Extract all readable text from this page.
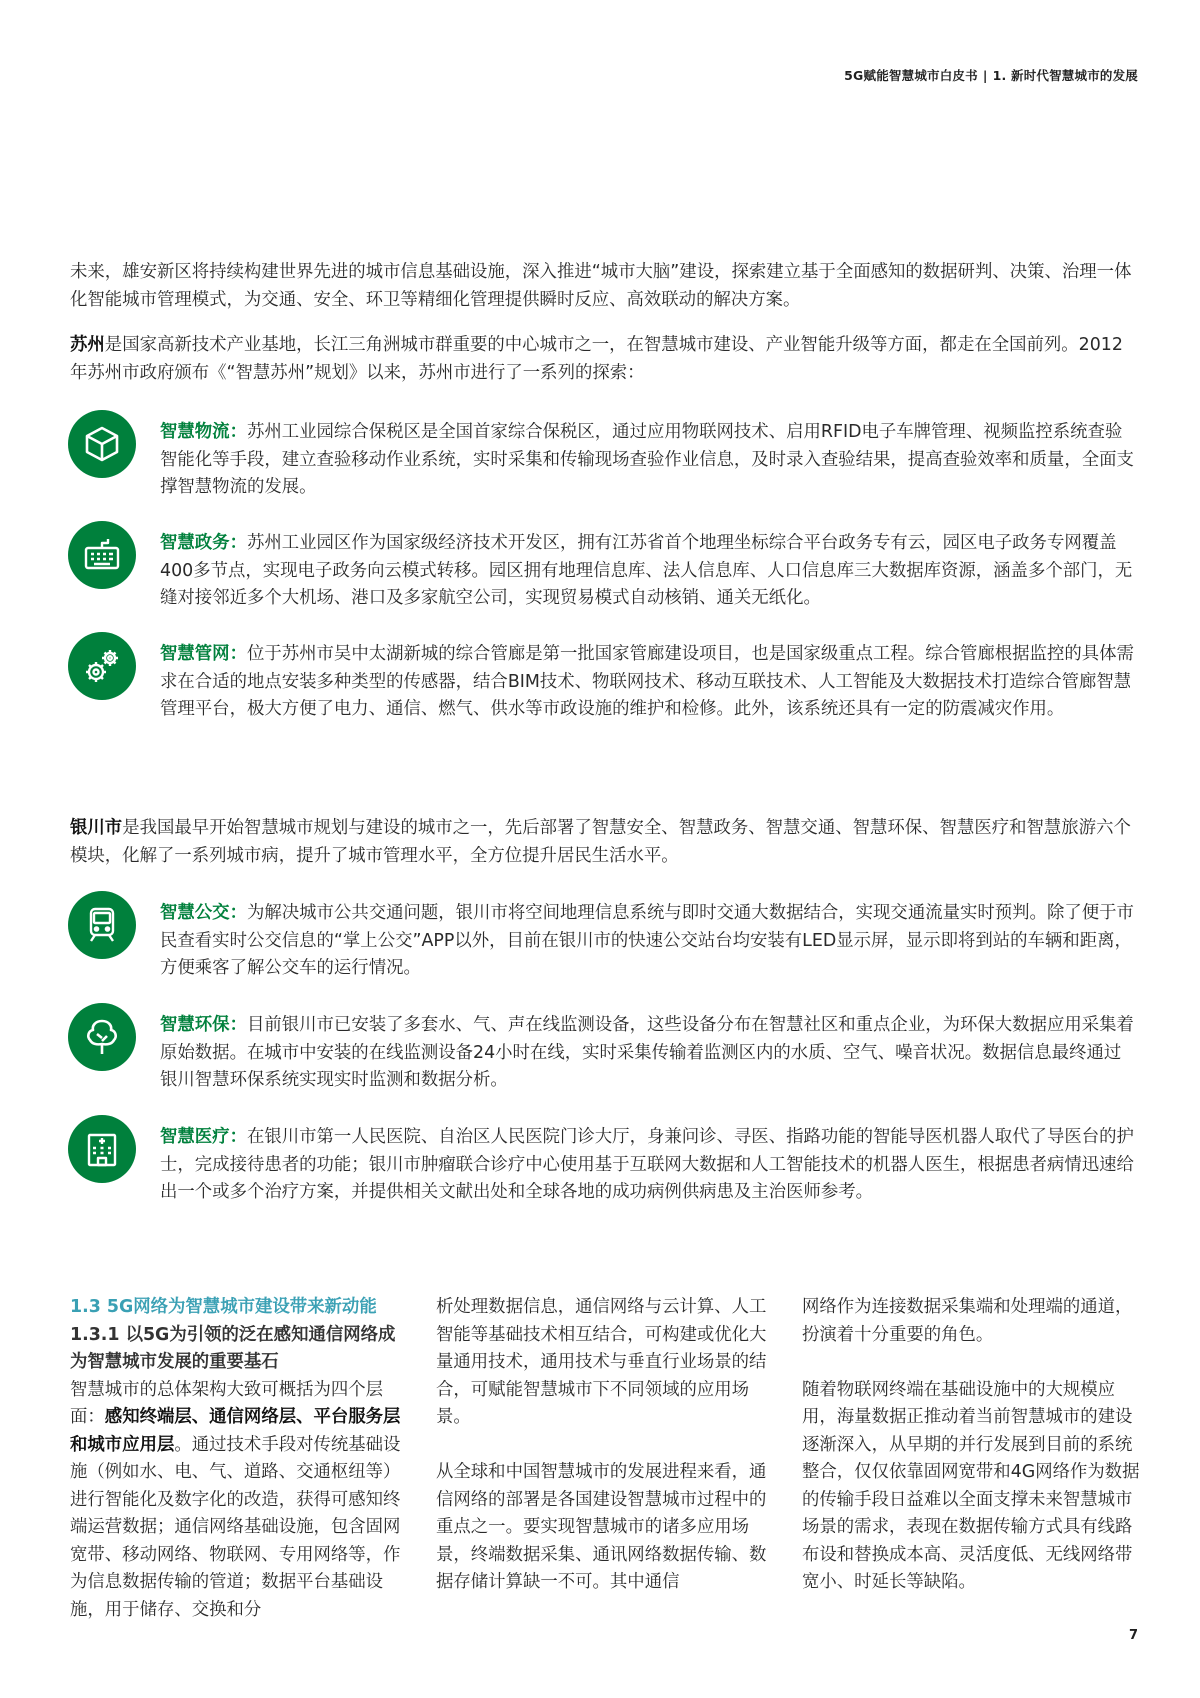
5G赋能智慧城市白皮书 | 1. 新时代智慧城市的发展

未来，雄安新区将持续构建世界先进的城市信息基础设施，深入推进“城市大脑”建设，探索建立基于全面感知的数据研判、决策、治理一体化智能城市管理模式，为交通、安全、环卫等精细化管理提供瞬时反应、高效联动的解决方案。

苏州是国家高新技术产业基地，长江三角洲城市群重要的中心城市之一，在智慧城市建设、产业智能升级等方面，都走在全国前列。2012年苏州市政府颁布《“智慧苏州”规划》以来，苏州市进行了一系列的探索：

智慧物流：苏州工业园综合保税区是全国首家综合保税区，通过应用物联网技术、启用RFID电子车牌管理、视频监控系统查验智能化等手段，建立查验移动作业系统，实时采集和传输现场查验作业信息，及时录入查验结果，提高查验效率和质量，全面支撑智慧物流的发展。

智慧政务：苏州工业园区作为国家级经济技术开发区，拥有江苏省首个地理坐标综合平台政务专有云，园区电子政务专网覆盖400多节点，实现电子政务向云模式转移。园区拥有地理信息库、法人信息库、人口信息库三大数据库资源，涵盖多个部门，无缝对接邻近多个大机场、港口及多家航空公司，实现贸易模式自动核销、通关无纸化。

智慧管网：位于苏州市吴中太湖新城的综合管廊是第一批国家管廊建设项目，也是国家级重点工程。综合管廊根据监控的具体需求在合适的地点安装多种类型的传感器，结合BIM技术、物联网技术、移动互联技术、人工智能及大数据技术打造综合管廊智慧管理平台，极大方便了电力、通信、燃气、供水等市政设施的维护和检修。此外，该系统还具有一定的防震减灾作用。

银川市是我国最早开始智慧城市规划与建设的城市之一，先后部署了智慧安全、智慧政务、智慧交通、智慧环保、智慧医疗和智慧旅游六个模块，化解了一系列城市病，提升了城市管理水平，全方位提升居民生活水平。

智慧公交：为解决城市公共交通问题，银川市将空间地理信息系统与即时交通大数据结合，实现交通流量实时预判。除了便于市民查看实时公交信息的“掌上公交”APP以外，目前在银川市的快速公交站台均安装有LED显示屏，显示即将到站的车辆和距离，方便乘客了解公交车的运行情况。

智慧环保：目前银川市已安装了多套水、气、声在线监测设备，这些设备分布在智慧社区和重点企业，为环保大数据应用采集着原始数据。在城市中安装的在线监测设备24小时在线，实时采集传输着监测区内的水质、空气、噪音状况。数据信息最终通过银川智慧环保系统实现实时监测和数据分析。

智慧医疗：在银川市第一人民医院、自治区人民医院门诊大厅，身兼问诊、寻医、指路功能的智能导医机器人取代了导医台的护士，完成接待患者的功能；银川市肿瘤联合诊疗中心使用基于互联网大数据和人工智能技术的机器人医生，根据患者病情迅速给出一个或多个治疗方案，并提供相关文献出处和全球各地的成功病例供病患及主治医师参考。

1.3 5G网络为智慧城市建设带来新动能
1.3.1 以5G为引领的泛在感知通信网络成为智慧城市发展的重要基石
智慧城市的总体架构大致可概括为四个层面：感知终端层、通信网络层、平台服务层和城市应用层。通过技术手段对传统基础设施（例如水、电、气、道路、交通枢纽等）进行智能化及数字化的改造，获得可感知终端运营数据；通信网络基础设施，包含固网宽带、移动网络、物联网、专用网络等，作为信息数据传输的管道；数据平台基础设施，用于储存、交换和分

析处理数据信息，通信网络与云计算、人工智能等基础技术相互结合，可构建或优化大量通用技术，通用技术与垂直行业场景的结合，可赋能智慧城市下不同领域的应用场景。

从全球和中国智慧城市的发展进程来看，通信网络的部署是各国建设智慧城市过程中的重点之一。要实现智慧城市的诸多应用场景，终端数据采集、通讯网络数据传输、数据存储计算缺一不可。其中通信

网络作为连接数据采集端和处理端的通道，扮演着十分重要的角色。

随着物联网终端在基础设施中的大规模应用，海量数据正推动着当前智慧城市的建设逐渐深入，从早期的并行发展到目前的系统整合，仅仅依靠固网宽带和4G网络作为数据的传输手段日益难以全面支撑未来智慧城市场景的需求，表现在数据传输方式具有线路布设和替换成本高、灵活度低、无线网络带宽小、时延长等缺陷。

7
